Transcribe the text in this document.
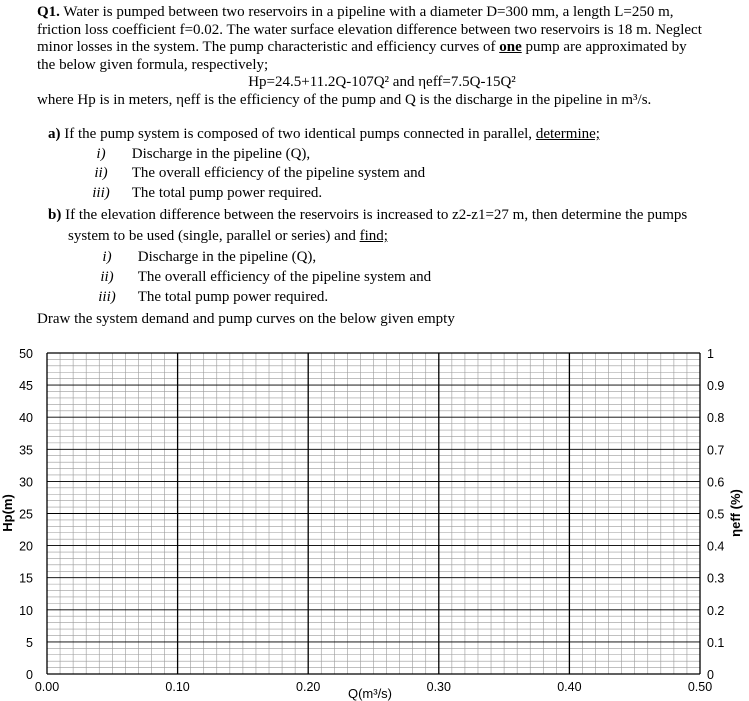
Q1. Water is pumped between two reservoirs in a pipeline with a diameter D=300 mm, a length L=250 m,

friction loss coefficient f=0.02. The water surface elevation difference between two reservoirs is 18 m. Neglect

minor losses in the system. The pump characteristic and efficiency curves of one pump are approximated by

the below given formula, respectively;

Hp=24.5+11.2Q-107Q² and ηeff=7.5Q-15Q²

where Hp is in meters, ηeff is the efficiency of the pump and Q is the discharge in the pipeline in m³/s.

a) If the pump system is composed of two identical pumps connected in parallel, determine;
i) Discharge in the pipeline (Q),
ii) The overall efficiency of the pipeline system and
iii) The total pump power required.
b) If the elevation difference between the reservoirs is increased to z2-z1=27 m, then determine the pumps
system to be used (single, parallel or series) and find;
i) Discharge in the pipeline (Q),
ii) The overall efficiency of the pipeline system and
iii) The total pump power required.
Draw the system demand and pump curves on the below given empty
0.00	0.10	0.20	0.30	0.40	0.50
0
5
10
15
20
25
30
35
40
45
50
0
0.1
0.2
0.3
0.4
0.5
0.6
0.7
0.8
0.9
1
Q(m³/s)
Hp(m)	ηeff (%)
